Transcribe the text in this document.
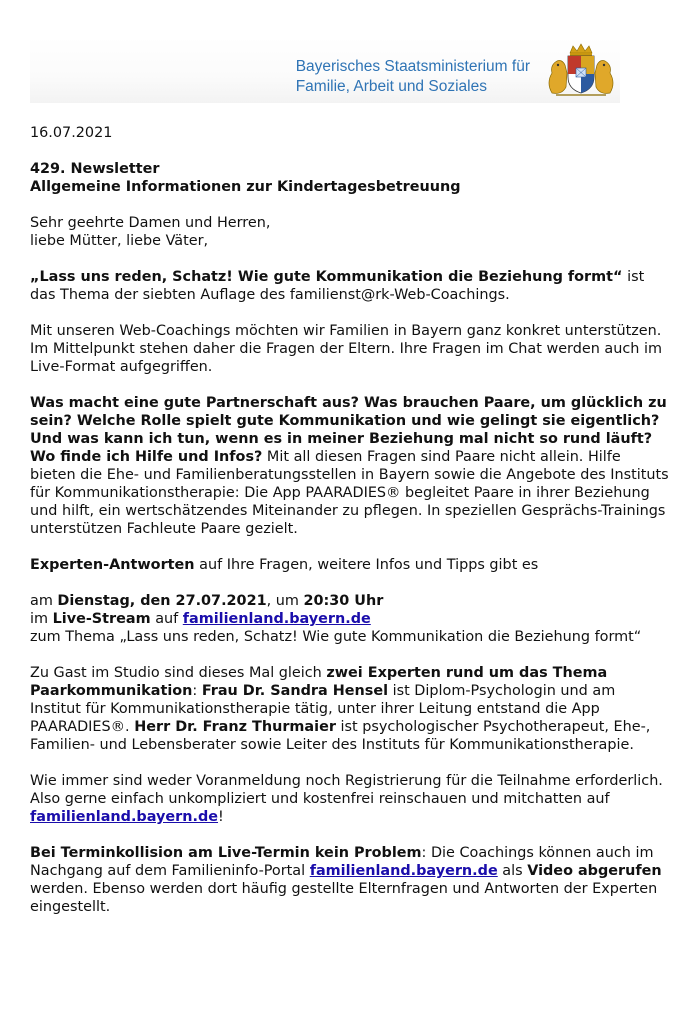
Bayerisches Staatsministerium für
Familie, Arbeit und Soziales

16.07.2021

429. Newsletter
Allgemeine Informationen zur Kindertagesbetreuung

Sehr geehrte Damen und Herren,
liebe Mütter, liebe Väter,

„Lass uns reden, Schatz! Wie gute Kommunikation die Beziehung formt“ ist das Thema der siebten Auflage des familienst@rk-Web-Coachings.

Mit unseren Web-Coachings möchten wir Familien in Bayern ganz konkret unterstützen. Im Mittelpunkt stehen daher die Fragen der Eltern. Ihre Fragen im Chat werden auch im Live-Format aufgegriffen.

Was macht eine gute Partnerschaft aus? Was brauchen Paare, um glücklich zu sein? Welche Rolle spielt gute Kommunikation und wie gelingt sie eigentlich? Und was kann ich tun, wenn es in meiner Beziehung mal nicht so rund läuft? Wo finde ich Hilfe und Infos? Mit all diesen Fragen sind Paare nicht allein. Hilfe bieten die Ehe- und Familienberatungsstellen in Bayern sowie die Angebote des Instituts für Kommunikationstherapie: Die App PAARADIES® begleitet Paare in ihrer Beziehung und hilft, ein wertschätzendes Miteinander zu pflegen. In speziellen Gesprächs-Trainings unterstützen Fachleute Paare gezielt.

Experten-Antworten auf Ihre Fragen, weitere Infos und Tipps gibt es

am Dienstag, den 27.07.2021, um 20:30 Uhr
im Live-Stream auf familienland.bayern.de
zum Thema „Lass uns reden, Schatz! Wie gute Kommunikation die Beziehung formt“

Zu Gast im Studio sind dieses Mal gleich zwei Experten rund um das Thema Paarkommunikation: Frau Dr. Sandra Hensel ist Diplom-Psychologin und am Institut für Kommunikationstherapie tätig, unter ihrer Leitung entstand die App PAARADIES®. Herr Dr. Franz Thurmaier ist psychologischer Psychotherapeut, Ehe-, Familien- und Lebensberater sowie Leiter des Instituts für Kommunikationstherapie.

Wie immer sind weder Voranmeldung noch Registrierung für die Teilnahme erforderlich. Also gerne einfach unkompliziert und kostenfrei reinschauen und mitchatten auf familienland.bayern.de!

Bei Terminkollision am Live-Termin kein Problem: Die Coachings können auch im Nachgang auf dem Familieninfo-Portal familienland.bayern.de als Video abgerufen werden. Ebenso werden dort häufig gestellte Elternfragen und Antworten der Experten eingestellt.
